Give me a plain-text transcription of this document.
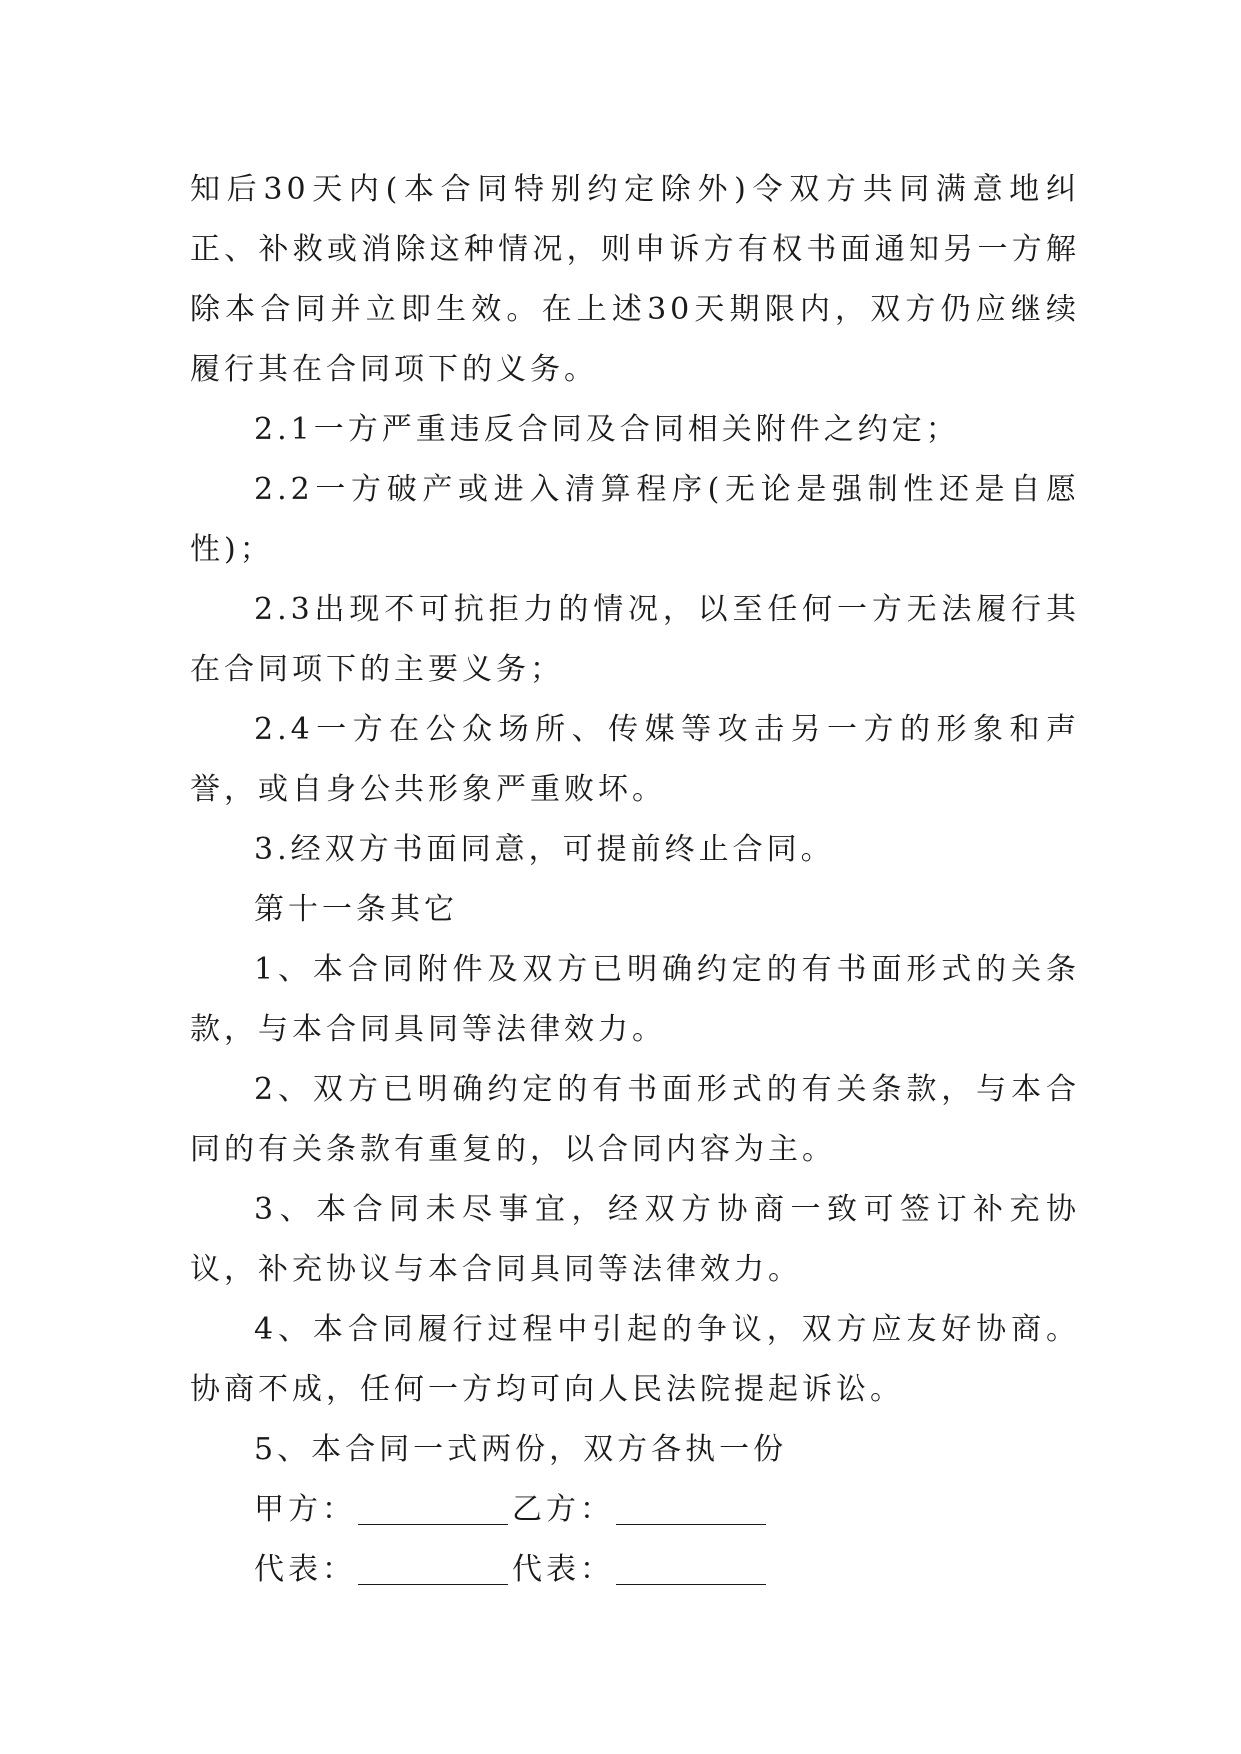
知后30天内(本合同特别约定除外)令双方共同满意地纠正、补救或消除这种情况，则申诉方有权书面通知另一方解除本合同并立即生效。在上述30天期限内，双方仍应继续履行其在合同项下的义务。

2.1一方严重违反合同及合同相关附件之约定；

2.2一方破产或进入清算程序(无论是强制性还是自愿性)；

2.3出现不可抗拒力的情况，以至任何一方无法履行其在合同项下的主要义务；

2.4一方在公众场所、传媒等攻击另一方的形象和声誉，或自身公共形象严重败坏。

3.经双方书面同意，可提前终止合同。

第十一条其它

1、本合同附件及双方已明确约定的有书面形式的关条款，与本合同具同等法律效力。

2、双方已明确约定的有书面形式的有关条款，与本合同的有关条款有重复的，以合同内容为主。

3、本合同未尽事宜，经双方协商一致可签订补充协议，补充协议与本合同具同等法律效力。

4、本合同履行过程中引起的争议，双方应友好协商。协商不成，任何一方均可向人民法院提起诉讼。

5、本合同一式两份，双方各执一份

甲方：	乙方：

代表：	代表：
